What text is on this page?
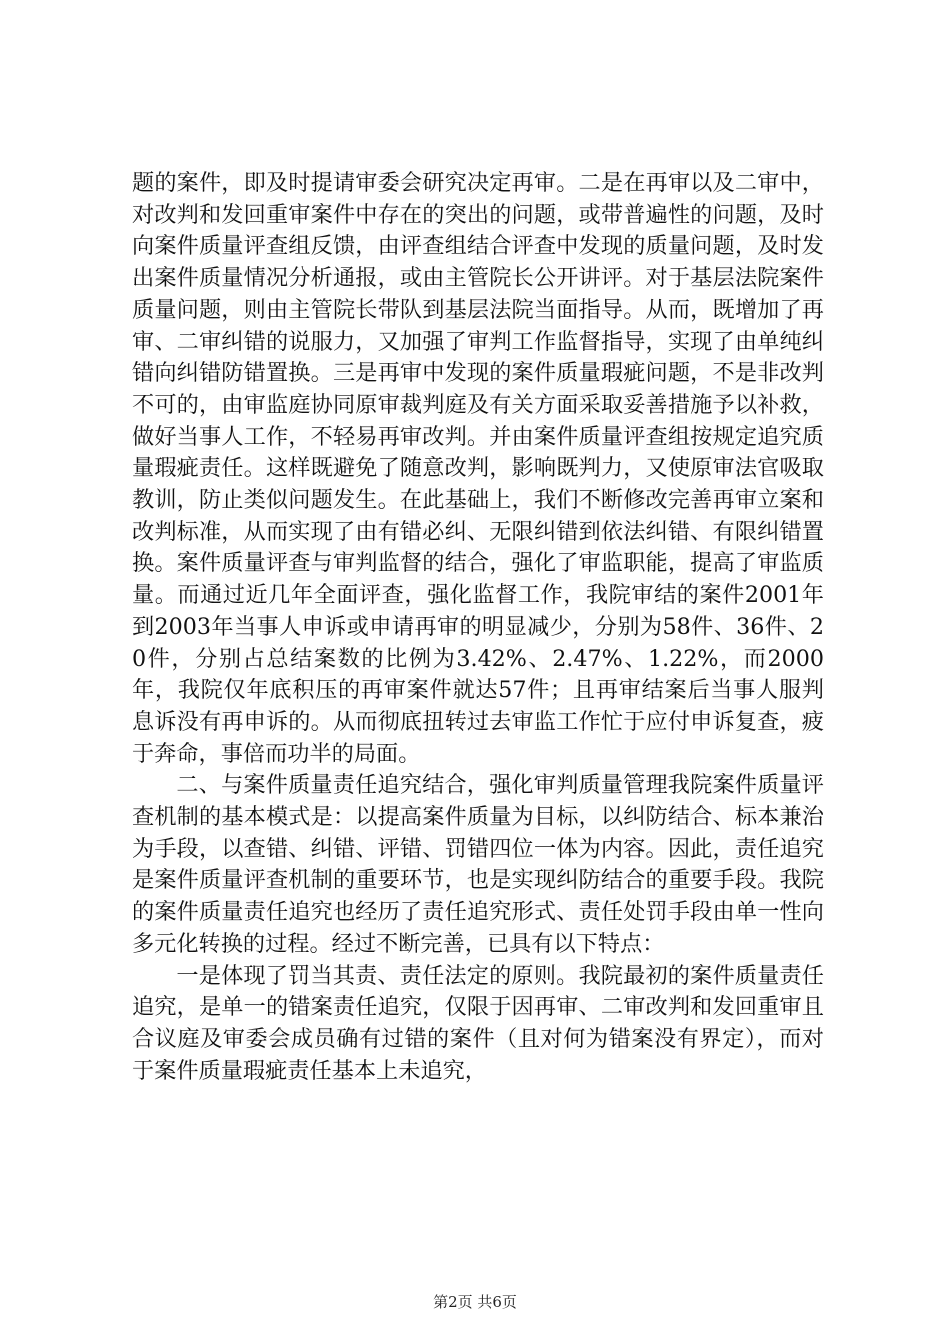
题的案件，即及时提请审委会研究决定再审。二是在再审以及二审中，对改判和发回重审案件中存在的突出的问题，或带普遍性的问题，及时向案件质量评查组反馈，由评查组结合评查中发现的质量问题，及时发出案件质量情况分析通报，或由主管院长公开讲评。对于基层法院案件质量问题，则由主管院长带队到基层法院当面指导。从而，既增加了再审、二审纠错的说服力，又加强了审判工作监督指导，实现了由单纯纠错向纠错防错置换。三是再审中发现的案件质量瑕疵问题，不是非改判不可的，由审监庭协同原审裁判庭及有关方面采取妥善措施予以补救，做好当事人工作，不轻易再审改判。并由案件质量评查组按规定追究质量瑕疵责任。这样既避免了随意改判，影响既判力，又使原审法官吸取教训，防止类似问题发生。在此基础上，我们不断修改完善再审立案和改判标准，从而实现了由有错必纠、无限纠错到依法纠错、有限纠错置换。案件质量评查与审判监督的结合，强化了审监职能，提高了审监质量。而通过近几年全面评查，强化监督工作，我院审结的案件2001年到2003年当事人申诉或申请再审的明显减少，分别为58件、36件、20件，分别占总结案数的比例为3.42%、2.47%、1.22%，而2000年，我院仅年底积压的再审案件就达57件；且再审结案后当事人服判息诉没有再申诉的。从而彻底扭转过去审监工作忙于应付申诉复查，疲于奔命，事倍而功半的局面。

二、与案件质量责任追究结合，强化审判质量管理我院案件质量评查机制的基本模式是：以提高案件质量为目标，以纠防结合、标本兼治为手段，以查错、纠错、评错、罚错四位一体为内容。因此，责任追究是案件质量评查机制的重要环节，也是实现纠防结合的重要手段。我院的案件质量责任追究也经历了责任追究形式、责任处罚手段由单一性向多元化转换的过程。经过不断完善，已具有以下特点：

一是体现了罚当其责、责任法定的原则。我院最初的案件质量责任追究，是单一的错案责任追究，仅限于因再审、二审改判和发回重审且合议庭及审委会成员确有过错的案件（且对何为错案没有界定），而对于案件质量瑕疵责任基本上未追究，

第2页 共6页
